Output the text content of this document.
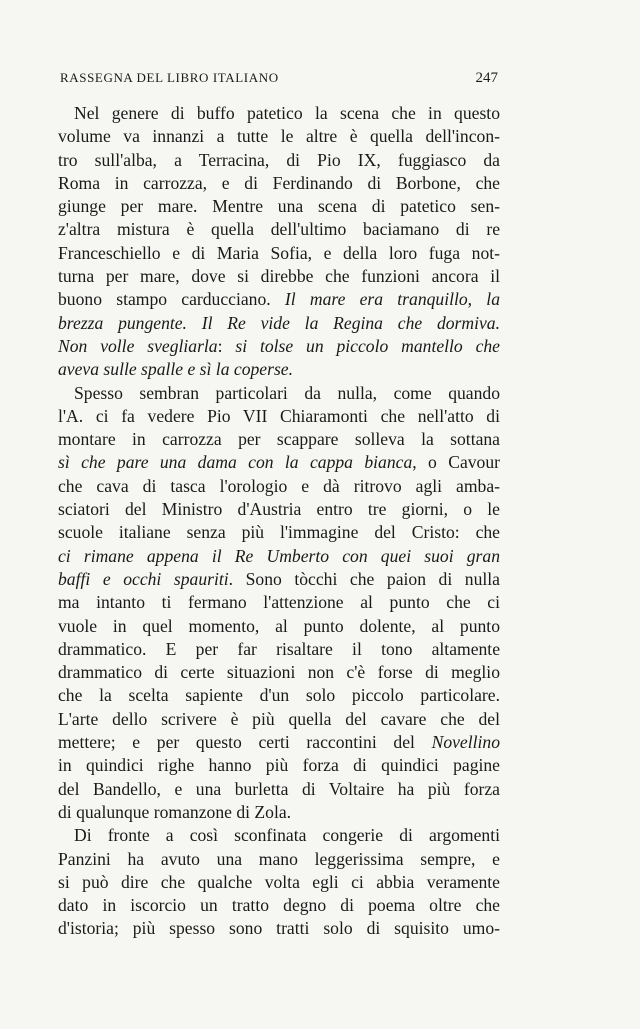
RASSEGNA DEL LIBRO ITALIANO	247
Nel genere di buffo patetico la scena che in questo
volume va innanzi a tutte le altre è quella dell'incon-
tro sull'alba, a Terracina, di Pio IX, fuggiasco da
Roma in carrozza, e di Ferdinando di Borbone, che
giunge per mare. Mentre una scena di patetico sen-
z'altra mistura è quella dell'ultimo baciamano di re
Franceschiello e di Maria Sofia, e della loro fuga not-
turna per mare, dove si direbbe che funzioni ancora il
buono stampo carducciano. Il mare era tranquillo, la
brezza pungente. Il Re vide la Regina che dormiva.
Non volle svegliarla: si tolse un piccolo mantello che
aveva sulle spalle e sì la coperse.
Spesso sembran particolari da nulla, come quando
l'A. ci fa vedere Pio VII Chiaramonti che nell'atto di
montare in carrozza per scappare solleva la sottana
sì che pare una dama con la cappa bianca, o Cavour
che cava di tasca l'orologio e dà ritrovo agli amba-
sciatori del Ministro d'Austria entro tre giorni, o le
scuole italiane senza più l'immagine del Cristo: che
ci rimane appena il Re Umberto con quei suoi gran
baffi e occhi spauriti. Sono tòcchi che paion di nulla
ma intanto ti fermano l'attenzione al punto che ci
vuole in quel momento, al punto dolente, al punto
drammatico. E per far risaltare il tono altamente
drammatico di certe situazioni non c'è forse di meglio
che la scelta sapiente d'un solo piccolo particolare.
L'arte dello scrivere è più quella del cavare che del
mettere; e per questo certi raccontini del Novellino
in quindici righe hanno più forza di quindici pagine
del Bandello, e una burletta di Voltaire ha più forza
di qualunque romanzone di Zola.
Di fronte a così sconfinata congerie di argomenti
Panzini ha avuto una mano leggerissima sempre, e
si può dire che qualche volta egli ci abbia veramente
dato in iscorcio un tratto degno di poema oltre che
d'istoria; più spesso sono tratti solo di squisito umo-
